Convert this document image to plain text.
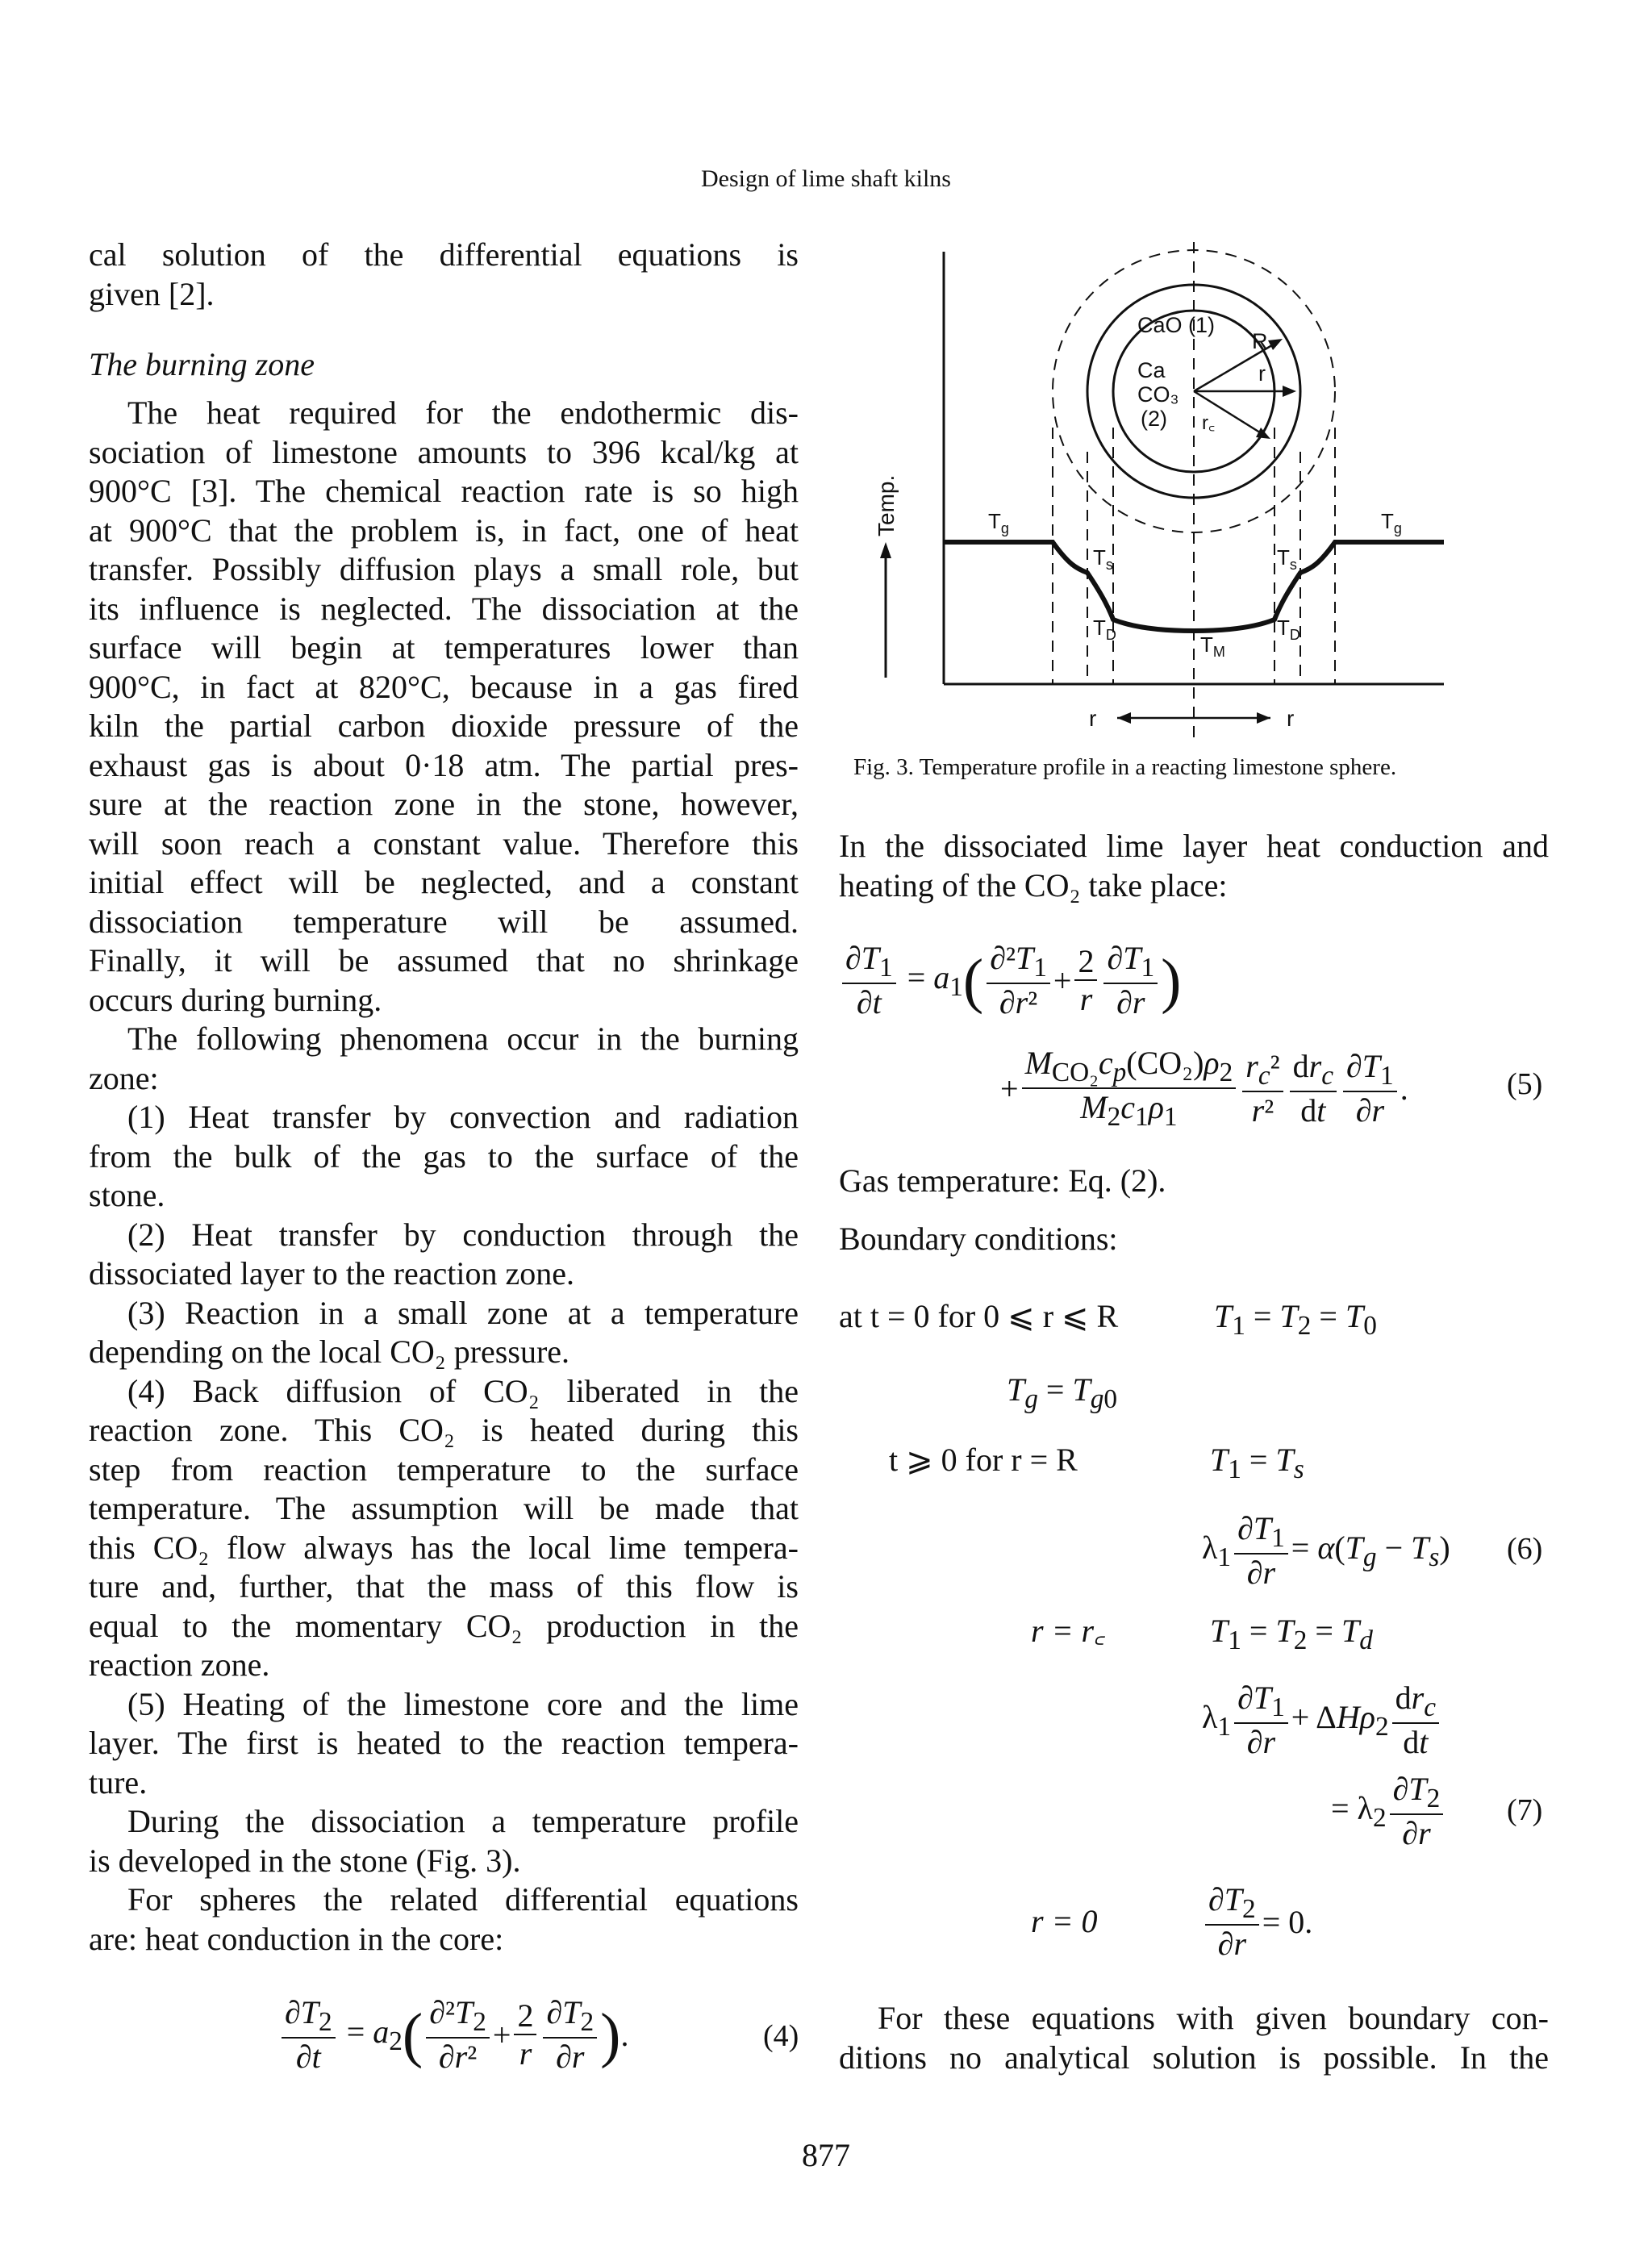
Design of lime shaft kilns
cal solution of the differential equations is
given [2].
The burning zone
The heat required for the endothermic dis-
sociation of limestone amounts to 396 kcal/kg at
900°C [3]. The chemical reaction rate is so high
at 900°C that the problem is, in fact, one of heat
transfer. Possibly diffusion plays a small role, but
its influence is neglected. The dissociation at the
surface will begin at temperatures lower than
900°C, in fact at 820°C, because in a gas fired
kiln the partial carbon dioxide pressure of the
exhaust gas is about 0·18 atm. The partial pres-
sure at the reaction zone in the stone, however,
will soon reach a constant value. Therefore this
initial effect will be neglected, and a constant
dissociation temperature will be assumed.
Finally, it will be assumed that no shrinkage
occurs during burning.
The following phenomena occur in the burning
zone:
(1) Heat transfer by convection and radiation
from the bulk of the gas to the surface of the
stone.
(2) Heat transfer by conduction through the
dissociated layer to the reaction zone.
(3) Reaction in a small zone at a temperature
depending on the local CO₂ pressure.
(4) Back diffusion of CO₂ liberated in the
reaction zone. This CO₂ is heated during this
step from reaction temperature to the surface
temperature. The assumption will be made that
this CO₂ flow always has the local lime tempera-
ture and, further, that the mass of this flow is
equal to the momentary CO₂ production in the
reaction zone.
(5) Heating of the limestone core and the lime
layer. The first is heated to the reaction tempera-
ture.
During the dissociation a temperature profile
is developed in the stone (Fig. 3).
For spheres the related differential equations
are: heat conduction in the core:
$\frac{\partial T_2}{\partial t} = a_2$ ( $\frac{\partial^2T_2}{\text{∂r²}} + \frac{2}{r} \frac{\partial T_2}{\partial r}$ ) .	(4)
Temp.
CaO (1)
Ca
CO₃
(2)
R
r
r꜀
$T_g$	$T_g$
$T_s$	$T_s$
$T_D$	$T_D$
$T_M$
r	r
Fig. 3. Temperature profile in a reacting limestone sphere.
In the dissociated lime layer heat conduction and
heating of the CO₂ take place:
$\frac{\partial T_1}{\partial t} = a_1$ ( $\frac{\partial^2T_1}{\text{∂r²}} + \frac{2}{r} \frac{\partial T_1}{\partial r}$ )
+ $\frac{M_{CO_2}c_p(CO_2)\rho_2}{M_2c_1\rho_1} \frac{r_c^2}{\text{r²}} \frac{dr_c}{dt} \frac{\partial T_1}{\partial r}$ .	(5)
Gas temperature: Eq. (2).
Boundary conditions:
at t = 0 for 0 ⩽ r ⩽ R	$T_1 = T_2 = T_0$
$T_g = T_{g0}$
t ⩾ 0 for r = R	$T_1 = T_s$
$\lambda_1 \frac{\partial T_1}{\partial r} = \alpha(T_g - T_s)$ (6)
r = r꜀	$T_1 = T_2 = T_d$
$\lambda_1 \frac{\partial T_1}{\partial r} + \Delta H\rho_2 \frac{dr_c}{dt}$
= $\lambda_2 \frac{\partial T_2}{\partial r} (7)$
r = 0	$\frac{\partial T_2}{\partial r} = 0$.
For these equations with given boundary con-
ditions no analytical solution is possible. In the
877
